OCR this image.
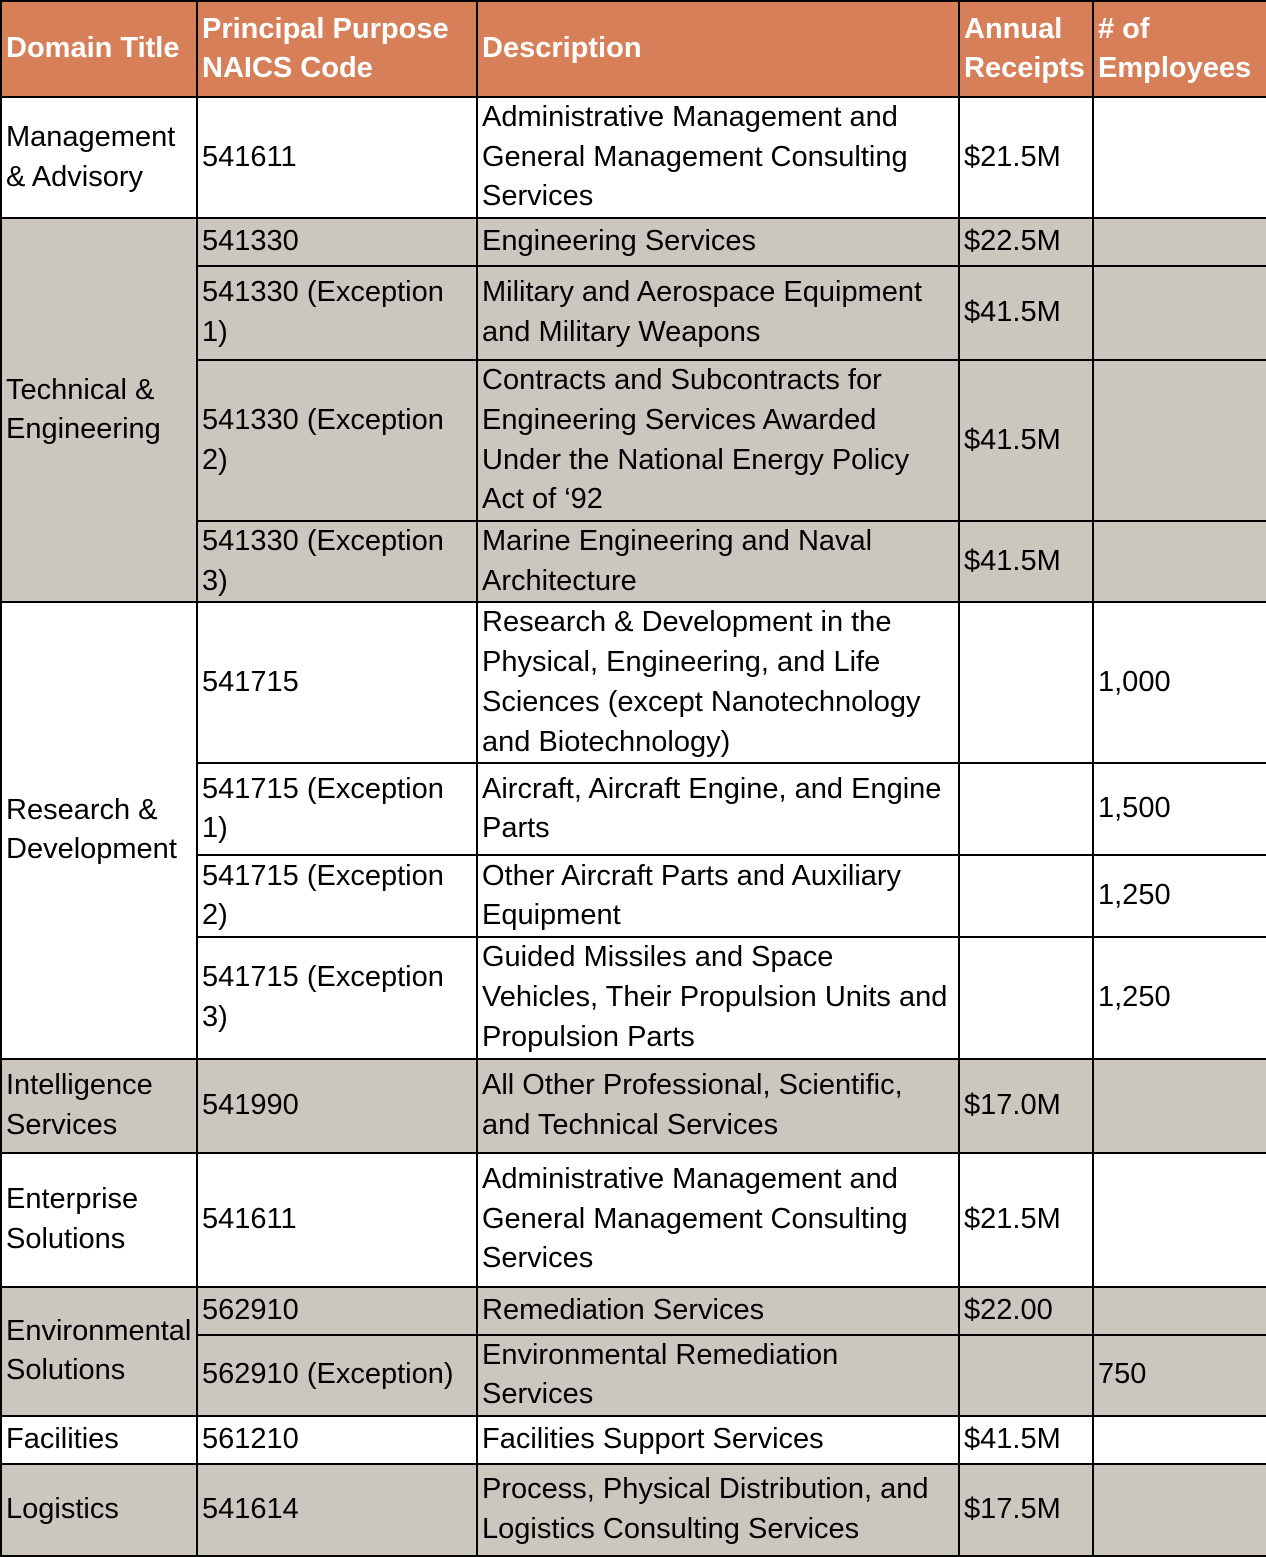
Domain Title	Principal Purpose NAICS Code	Description	Annual Receipts	# of Employees
Management & Advisory	541611	Administrative Management and General Management Consulting Services	$21.5M	
Technical & Engineering	541330	Engineering Services	$22.5M	
	541330 (Exception 1)	Military and Aerospace Equipment and Military Weapons	$41.5M	
	541330 (Exception 2)	Contracts and Subcontracts for Engineering Services Awarded Under the National Energy Policy Act of ‘92	$41.5M	
	541330 (Exception 3)	Marine Engineering and Naval Architecture	$41.5M	
Research & Development	541715	Research & Development in the Physical, Engineering, and Life Sciences (except Nanotechnology and Biotechnology)		1,000
	541715 (Exception 1)	Aircraft, Aircraft Engine, and Engine Parts		1,500
	541715 (Exception 2)	Other Aircraft Parts and Auxiliary Equipment		1,250
	541715 (Exception 3)	Guided Missiles and Space Vehicles, Their Propulsion Units and Propulsion Parts		1,250
Intelligence Services	541990	All Other Professional, Scientific, and Technical Services	$17.0M	
Enterprise Solutions	541611	Administrative Management and General Management Consulting Services	$21.5M	
Environmental Solutions	562910	Remediation Services	$22.00	
	562910 (Exception)	Environmental Remediation Services		750
Facilities	561210	Facilities Support Services	$41.5M	
Logistics	541614	Process, Physical Distribution, and Logistics Consulting Services	$17.5M	
